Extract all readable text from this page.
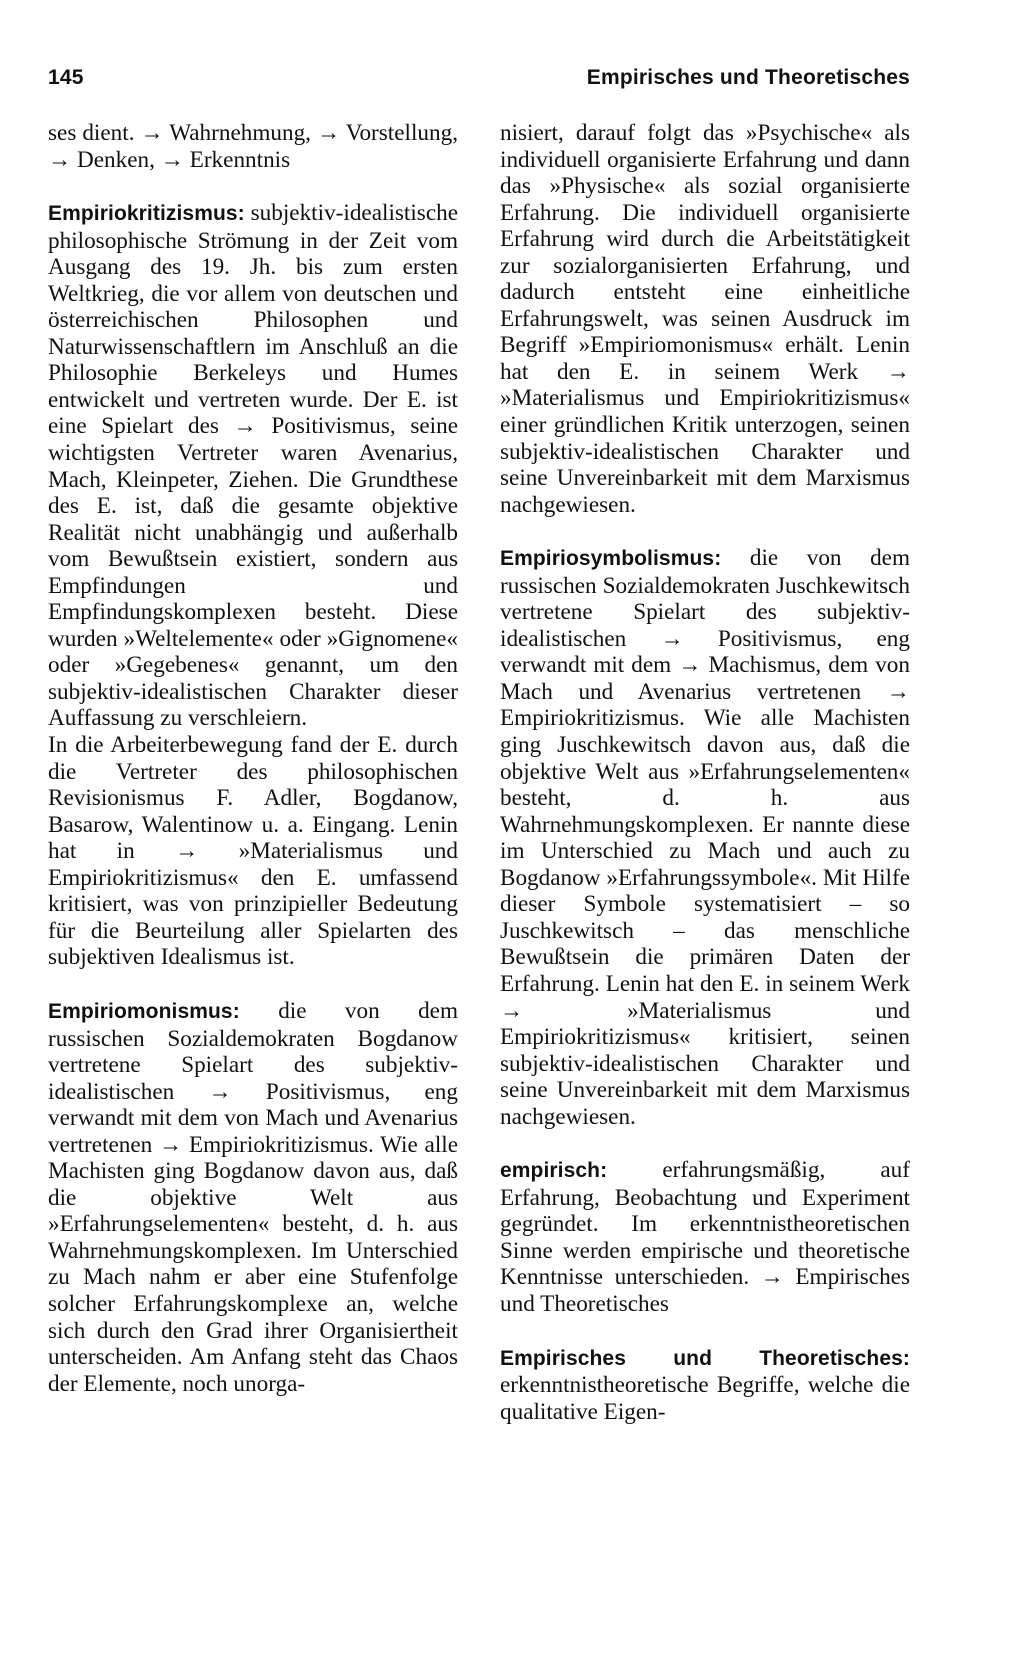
145	Empirisches und Theoretisches

ses dient. → Wahrnehmung, → Vorstellung, → Denken, → Erkenntnis

Empiriokritizismus: subjektiv-idealistische philosophische Strömung in der Zeit vom Ausgang des 19. Jh. bis zum ersten Weltkrieg, die vor allem von deutschen und österreichischen Philosophen und Naturwissenschaftlern im Anschluß an die Philosophie Berkeleys und Humes entwickelt und vertreten wurde. Der E. ist eine Spielart des → Positivismus, seine wichtigsten Vertreter waren Avenarius, Mach, Kleinpeter, Ziehen. Die Grundthese des E. ist, daß die gesamte objektive Realität nicht unabhängig und außerhalb vom Bewußtsein existiert, sondern aus Empfindungen und Empfindungskomplexen besteht. Diese wurden »Weltelemente« oder »Gignomene« oder »Gegebenes« genannt, um den subjektiv-idealistischen Charakter dieser Auffassung zu verschleiern.

In die Arbeiterbewegung fand der E. durch die Vertreter des philosophischen Revisionismus F. Adler, Bogdanow, Basarow, Walentinow u. a. Eingang. Lenin hat in → »Materialismus und Empiriokritizismus« den E. umfassend kritisiert, was von prinzipieller Bedeutung für die Beurteilung aller Spielarten des subjektiven Idealismus ist.

Empiriomonismus: die von dem russischen Sozialdemokraten Bogdanow vertretene Spielart des subjektiv-idealistischen → Positivismus, eng verwandt mit dem von Mach und Avenarius vertretenen → Empiriokritizismus. Wie alle Machisten ging Bogdanow davon aus, daß die objektive Welt aus »Erfahrungselementen« besteht, d. h. aus Wahrnehmungskomplexen. Im Unterschied zu Mach nahm er aber eine Stufenfolge solcher Erfahrungskomplexe an, welche sich durch den Grad ihrer Organisiertheit unterscheiden. Am Anfang steht das Chaos der Elemente, noch unorga-

nisiert, darauf folgt das »Psychische« als individuell organisierte Erfahrung und dann das »Physische« als sozial organisierte Erfahrung. Die individuell organisierte Erfahrung wird durch die Arbeitstätigkeit zur sozialorganisierten Erfahrung, und dadurch entsteht eine einheitliche Erfahrungswelt, was seinen Ausdruck im Begriff »Empiriomonismus« erhält. Lenin hat den E. in seinem Werk → »Materialismus und Empiriokritizismus« einer gründlichen Kritik unterzogen, seinen subjektiv-idealistischen Charakter und seine Unvereinbarkeit mit dem Marxismus nachgewiesen.

Empiriosymbolismus: die von dem russischen Sozialdemokraten Juschkewitsch vertretene Spielart des subjektiv-idealistischen → Positivismus, eng verwandt mit dem → Machismus, dem von Mach und Avenarius vertretenen → Empiriokritizismus. Wie alle Machisten ging Juschkewitsch davon aus, daß die objektive Welt aus »Erfahrungselementen« besteht, d. h. aus Wahrnehmungskomplexen. Er nannte diese im Unterschied zu Mach und auch zu Bogdanow »Erfahrungssymbole«. Mit Hilfe dieser Symbole systematisiert – so Juschkewitsch – das menschliche Bewußtsein die primären Daten der Erfahrung. Lenin hat den E. in seinem Werk → »Materialismus und Empiriokritizismus« kritisiert, seinen subjektiv-idealistischen Charakter und seine Unvereinbarkeit mit dem Marxismus nachgewiesen.

empirisch: erfahrungsmäßig, auf Erfahrung, Beobachtung und Experiment gegründet. Im erkenntnistheoretischen Sinne werden empirische und theoretische Kenntnisse unterschieden. → Empirisches und Theoretisches

Empirisches und Theoretisches: erkenntnistheoretische Begriffe, welche die qualitative Eigen-
